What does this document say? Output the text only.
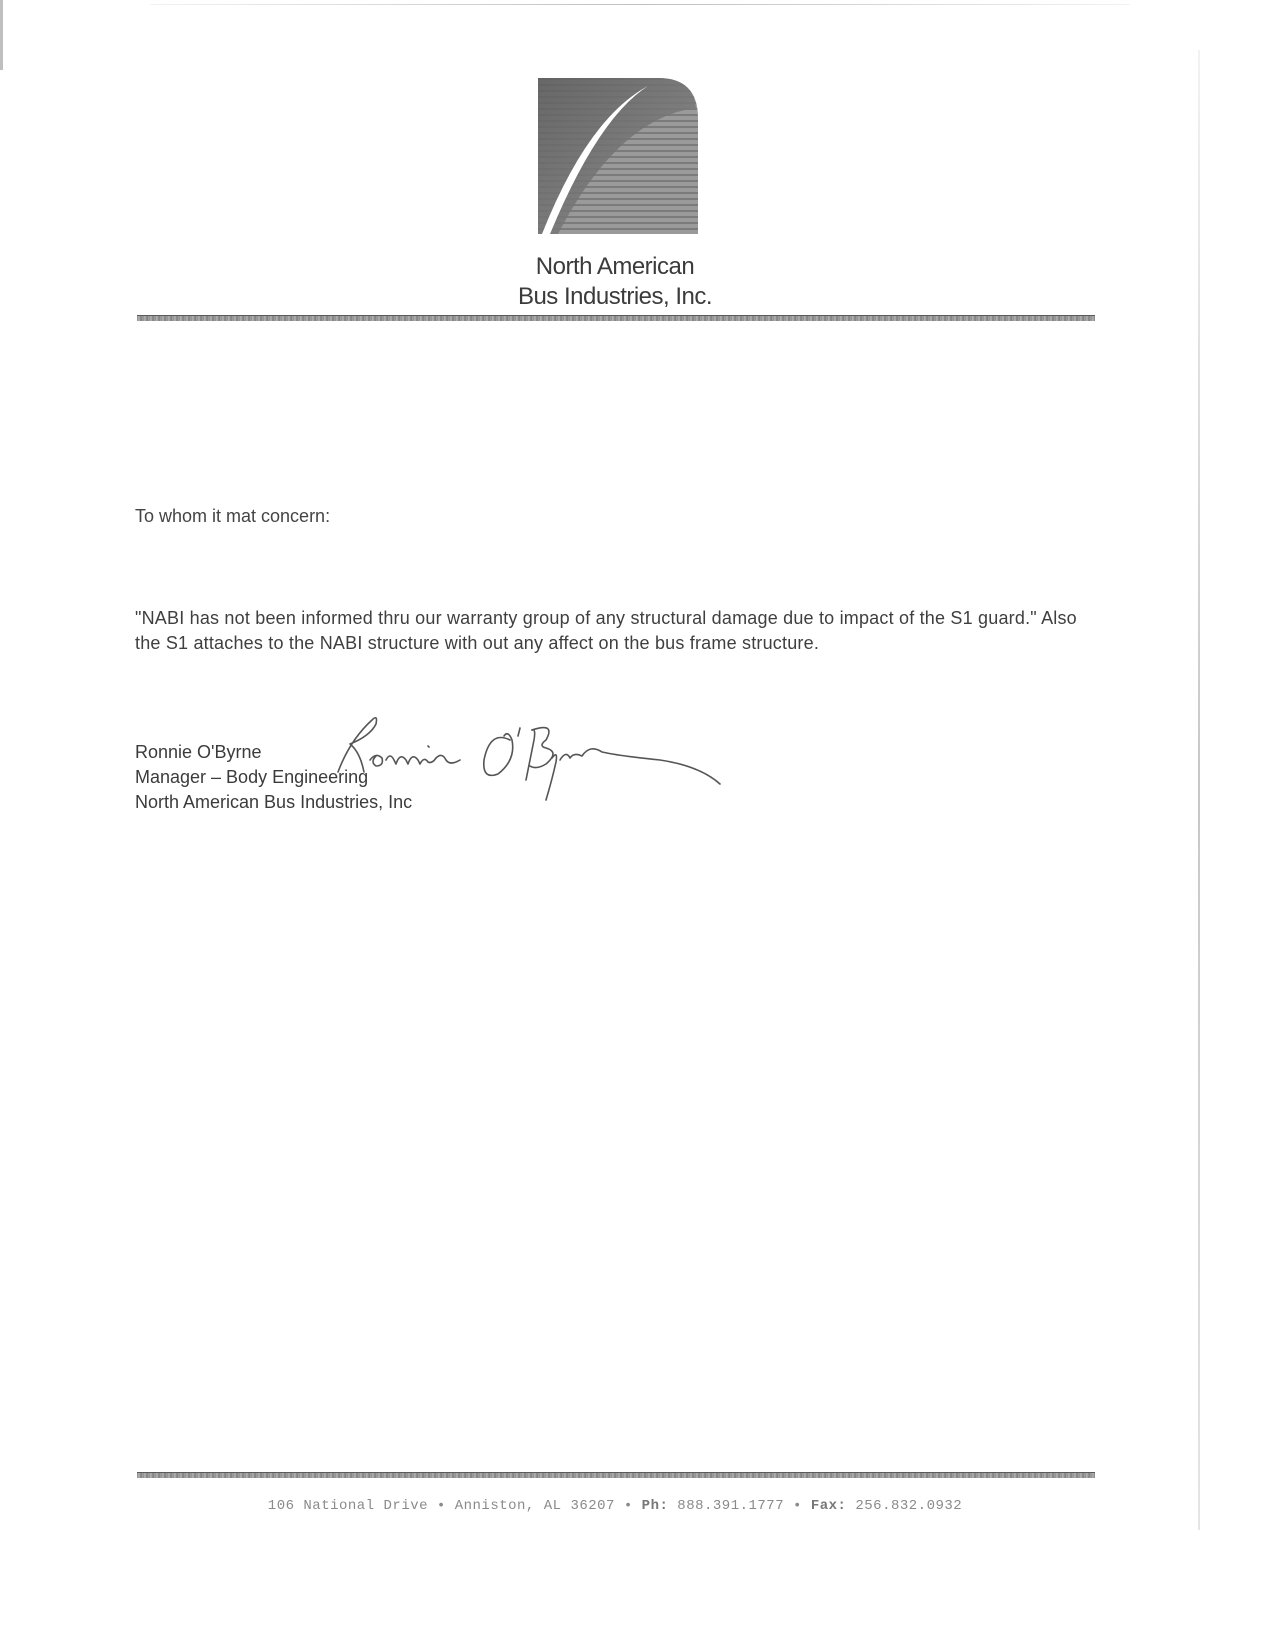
North American
Bus Industries, Inc.
To whom it mat concern:
"NABI has not been informed thru our warranty group of any structural damage due to impact of the S1 guard." Also the S1 attaches to the NABI structure with out any affect on the bus frame structure.
Ronnie O'Byrne
Manager – Body Engineering
North American Bus Industries, Inc
106 National Drive • Anniston, AL 36207 • Ph: 888.391.1777 • Fax: 256.832.0932
